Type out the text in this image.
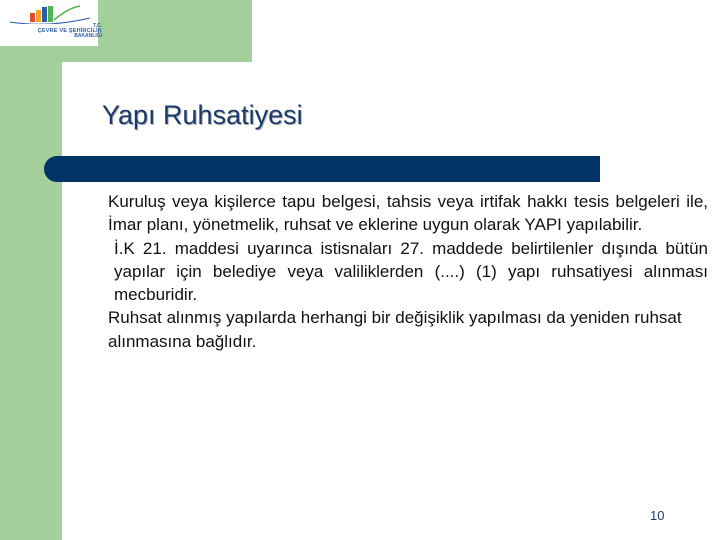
T.C.
ÇEVRE VE ŞEHİRCİLİK
BAKANLIĞI
Yapı Ruhsatiyesi

Kuruluş veya kişilerce tapu belgesi, tahsis veya irtifak hakkı tesis belgeleri ile, İmar planı, yönetmelik, ruhsat ve eklerine uygun olarak YAPI yapılabilir.

İ.K 21. maddesi uyarınca istisnaları 27. maddede belirtilenler dışında bütün yapılar için belediye veya valiliklerden (....) (1) yapı ruhsatiyesi alınması mecburidir.

Ruhsat alınmış yapılarda herhangi bir değişiklik yapılması da yeniden ruhsat alınmasına bağlıdır.

10
